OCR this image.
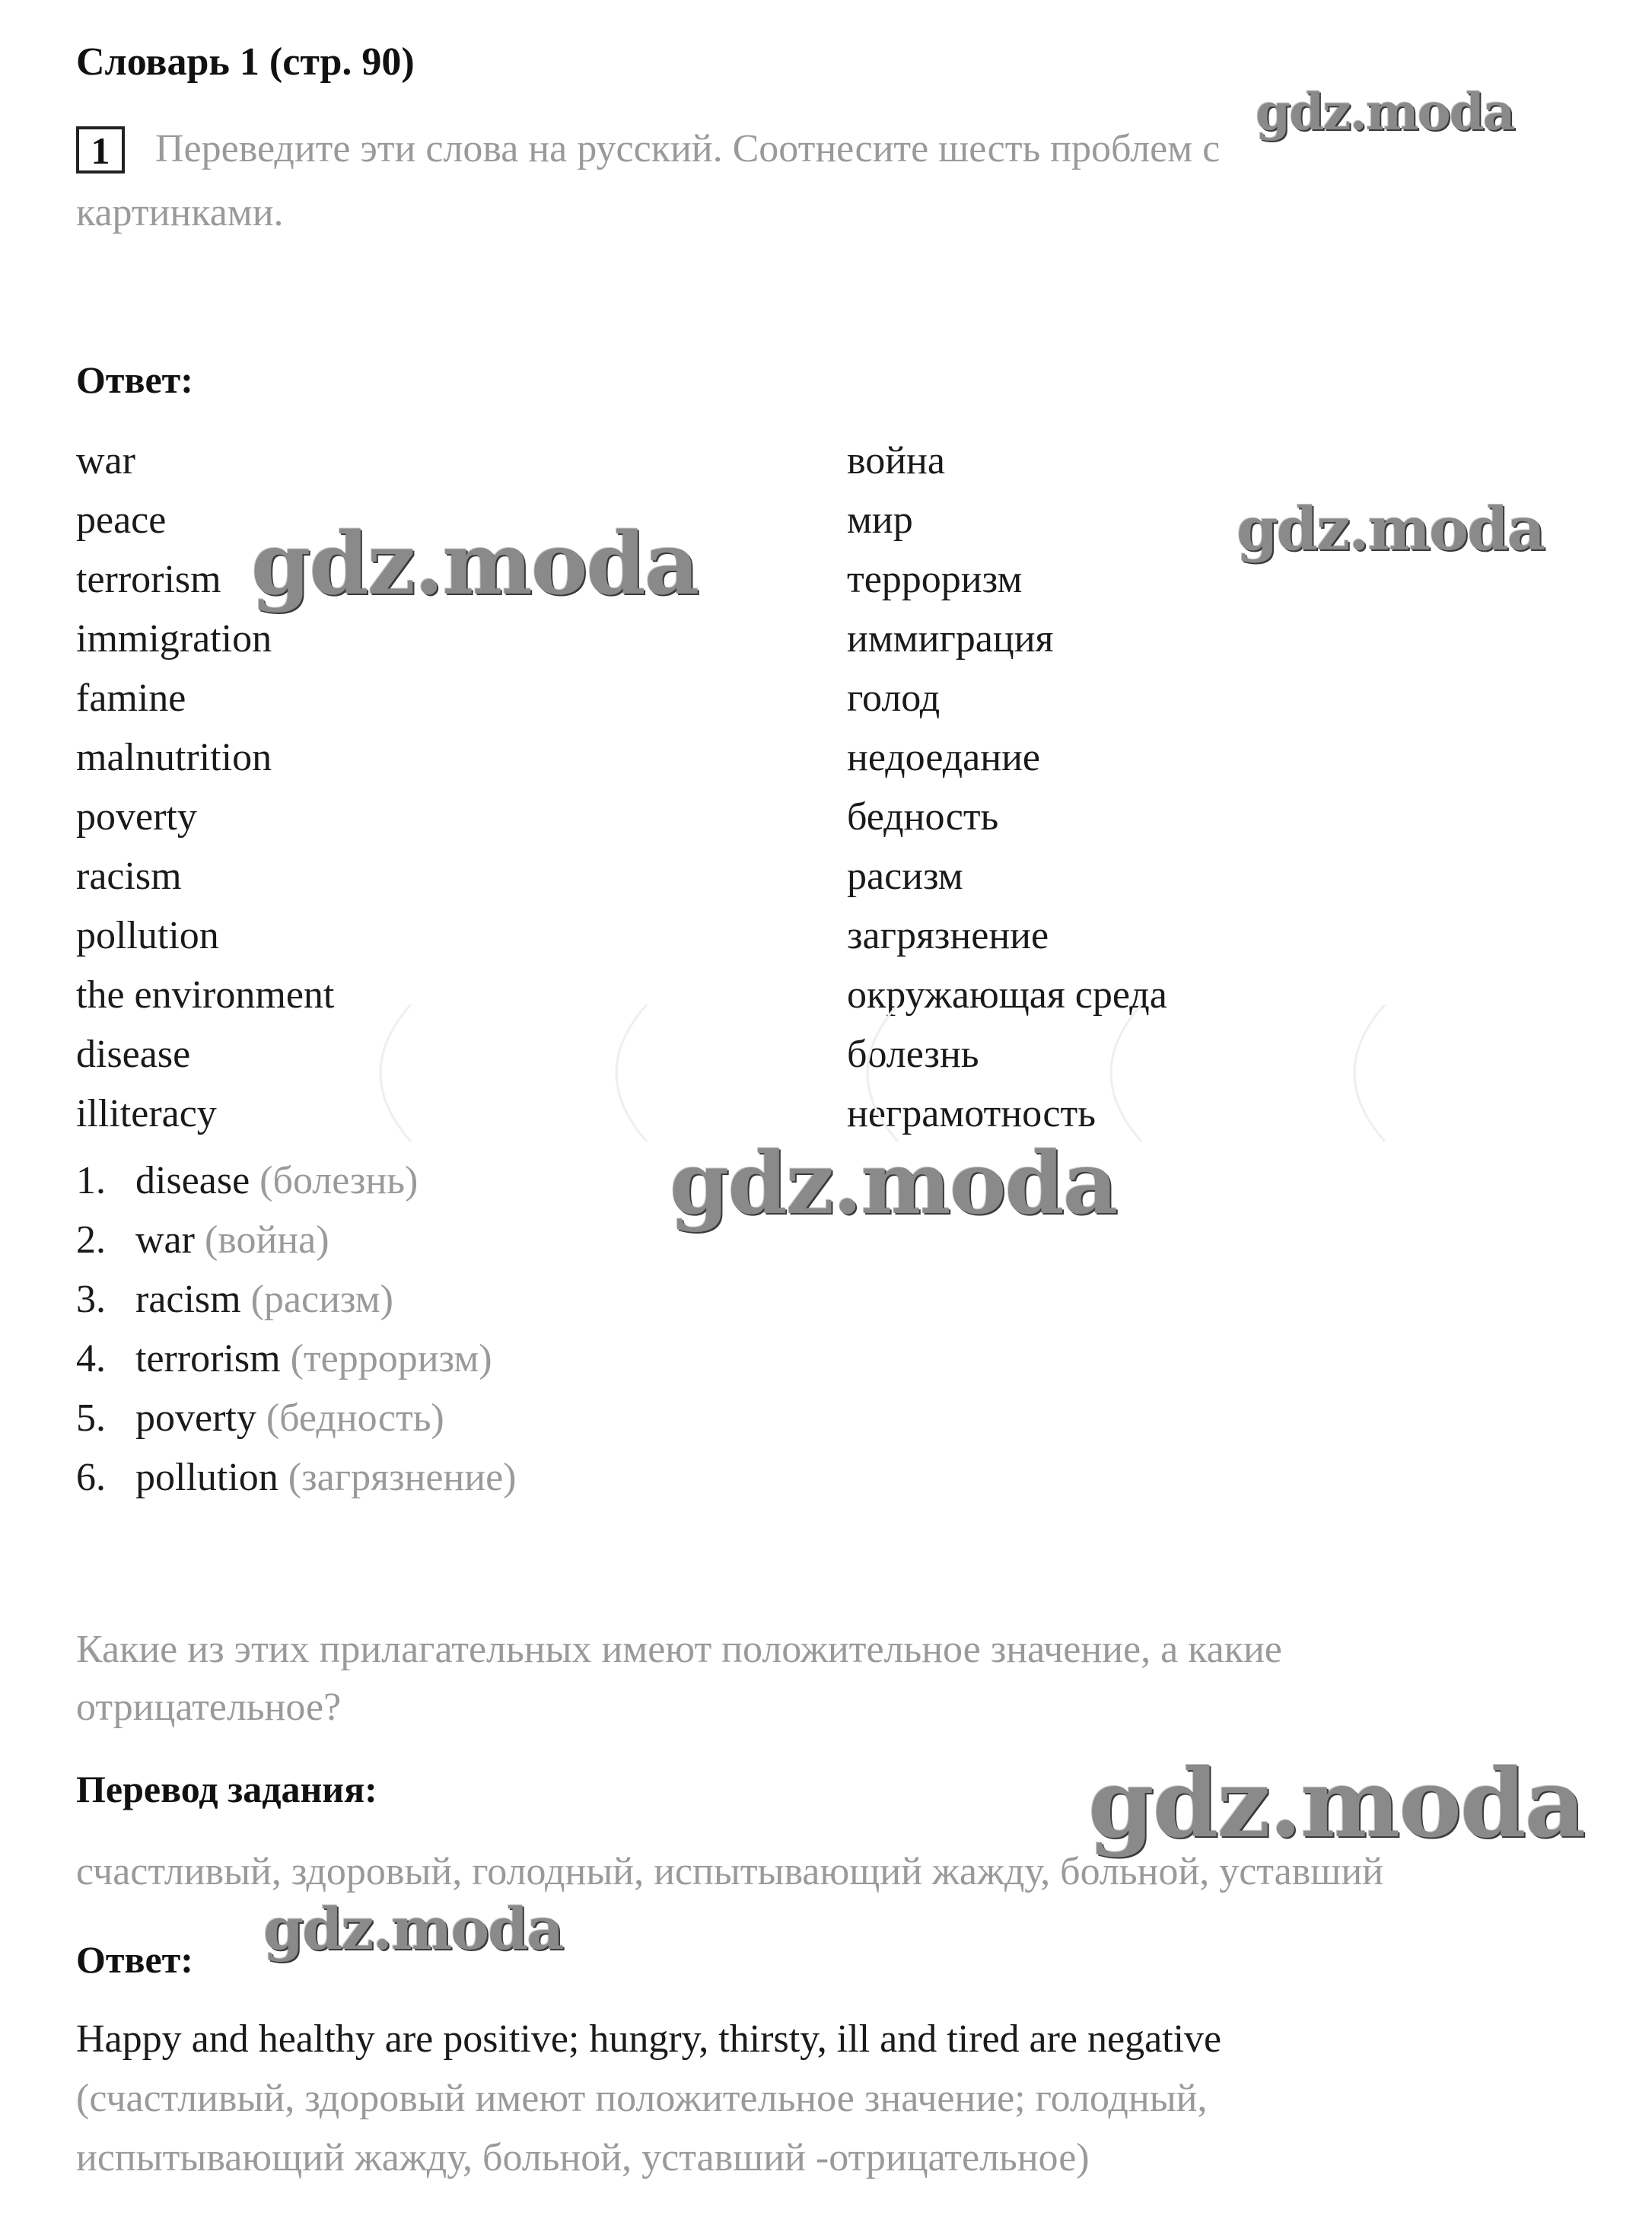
Словарь 1 (стр. 90)
1	Переведите эти слова на русский. Соотнесите шесть проблем с
картинками.
Ответ:
war	война
peace	мир
terrorism	терроризм
immigration	иммиграция
famine	голод
malnutrition	недоедание
poverty	бедность
racism	расизм
pollution	загрязнение
the environment	окружающая среда
disease	болезнь
illiteracy	неграмотность
1. disease (болезнь)
2. war (война)
3. racism (расизм)
4. terrorism (терроризм)
5. poverty (бедность)
6. pollution (загрязнение)
Какие из этих прилагательных имеют положительное значение, а какие
отрицательное?
Перевод задания:
счастливый, здоровый, голодный, испытывающий жажду, больной, уставший
Ответ:
Happy and healthy are positive; hungry, thirsty, ill and tired are negative
(счастливый, здоровый имеют положительное значение; голодный,
испытывающий жажду, больной, уставший -отрицательное)
gdz.moda
gdz.moda
gdz.moda
gdz.moda
gdz.moda
gdz.moda
